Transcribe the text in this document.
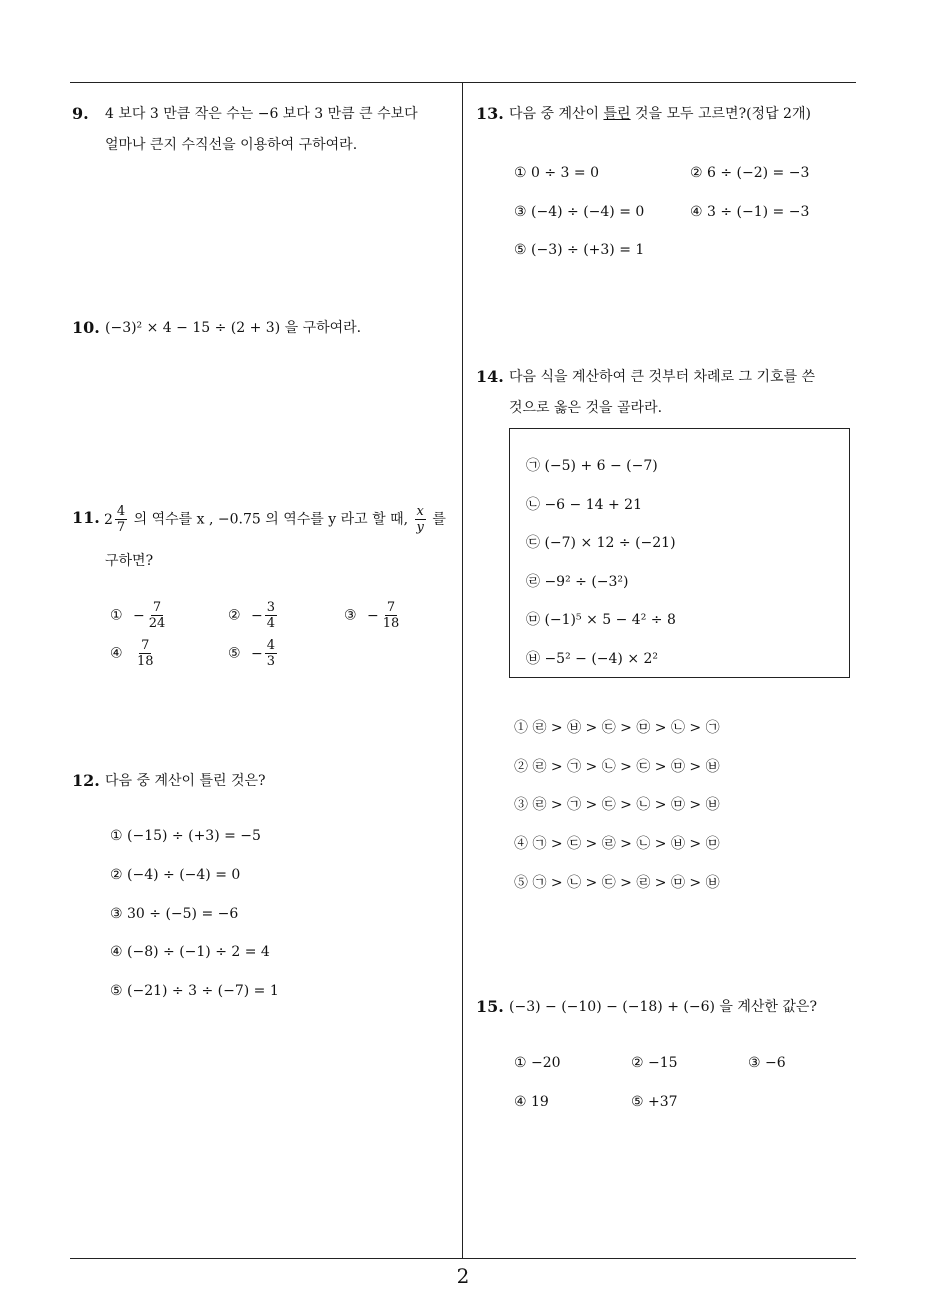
9. 4 보다 3 만큼 작은 수는 −6 보다 3 만큼 큰 수보다
얼마나 큰지 수직선을 이용하여 구하여라.
10. (−3)² × 4 − 15 ÷ (2 + 3) 을 구하여라.
11. $2 \frac{4}{7}$ 의 역수를 x , −0.75 의 역수를 y 라고 할 때, $\frac{x}{y}$ 를
구하면?
① − $\frac{7}{24}$	② − $\frac{3}{4}$	③ − $\frac{7}{18}$
④ $\frac{7}{18}$	⑤ − $\frac{4}{3}$
12. 다음 중 계산이 틀린 것은?
① (−15) ÷ (+3) = −5
② (−4) ÷ (−4) = 0
③ 30 ÷ (−5) = −6
④ (−8) ÷ (−1) ÷ 2 = 4
⑤ (−21) ÷ 3 ÷ (−7) = 1
13. 다음 중 계산이 틀린 것을 모두 고르면?(정답 2개)
① 0 ÷ 3 = 0	② 6 ÷ (−2) = −3
③ (−4) ÷ (−4) = 0	④ 3 ÷ (−1) = −3
⑤ (−3) ÷ (+3) = 1
14. 다음 식을 계산하여 큰 것부터 차례로 그 기호를 쓴
것으로 옳은 것을 골라라.
㉠ (−5) + 6 − (−7)
㉡ −6 − 14 + 21
㉢ (−7) × 12 ÷ (−21)
㉣ −9² ÷ (−3²)
㉤ (−1)⁵ × 5 − 4² ÷ 8
㉥ −5² − (−4) × 2²
① ㉣ > ㉥ > ㉢ > ㉤ > ㉡ > ㉠
② ㉣ > ㉠ > ㉡ > ㉢ > ㉤ > ㉥
③ ㉣ > ㉠ > ㉢ > ㉡ > ㉤ > ㉥
④ ㉠ > ㉢ > ㉣ > ㉡ > ㉥ > ㉤
⑤ ㉠ > ㉡ > ㉢ > ㉣ > ㉤ > ㉥
15. (−3) − (−10) − (−18) + (−6) 을 계산한 값은?
① −20	② −15	③ −6
④ 19	⑤ +37
2
